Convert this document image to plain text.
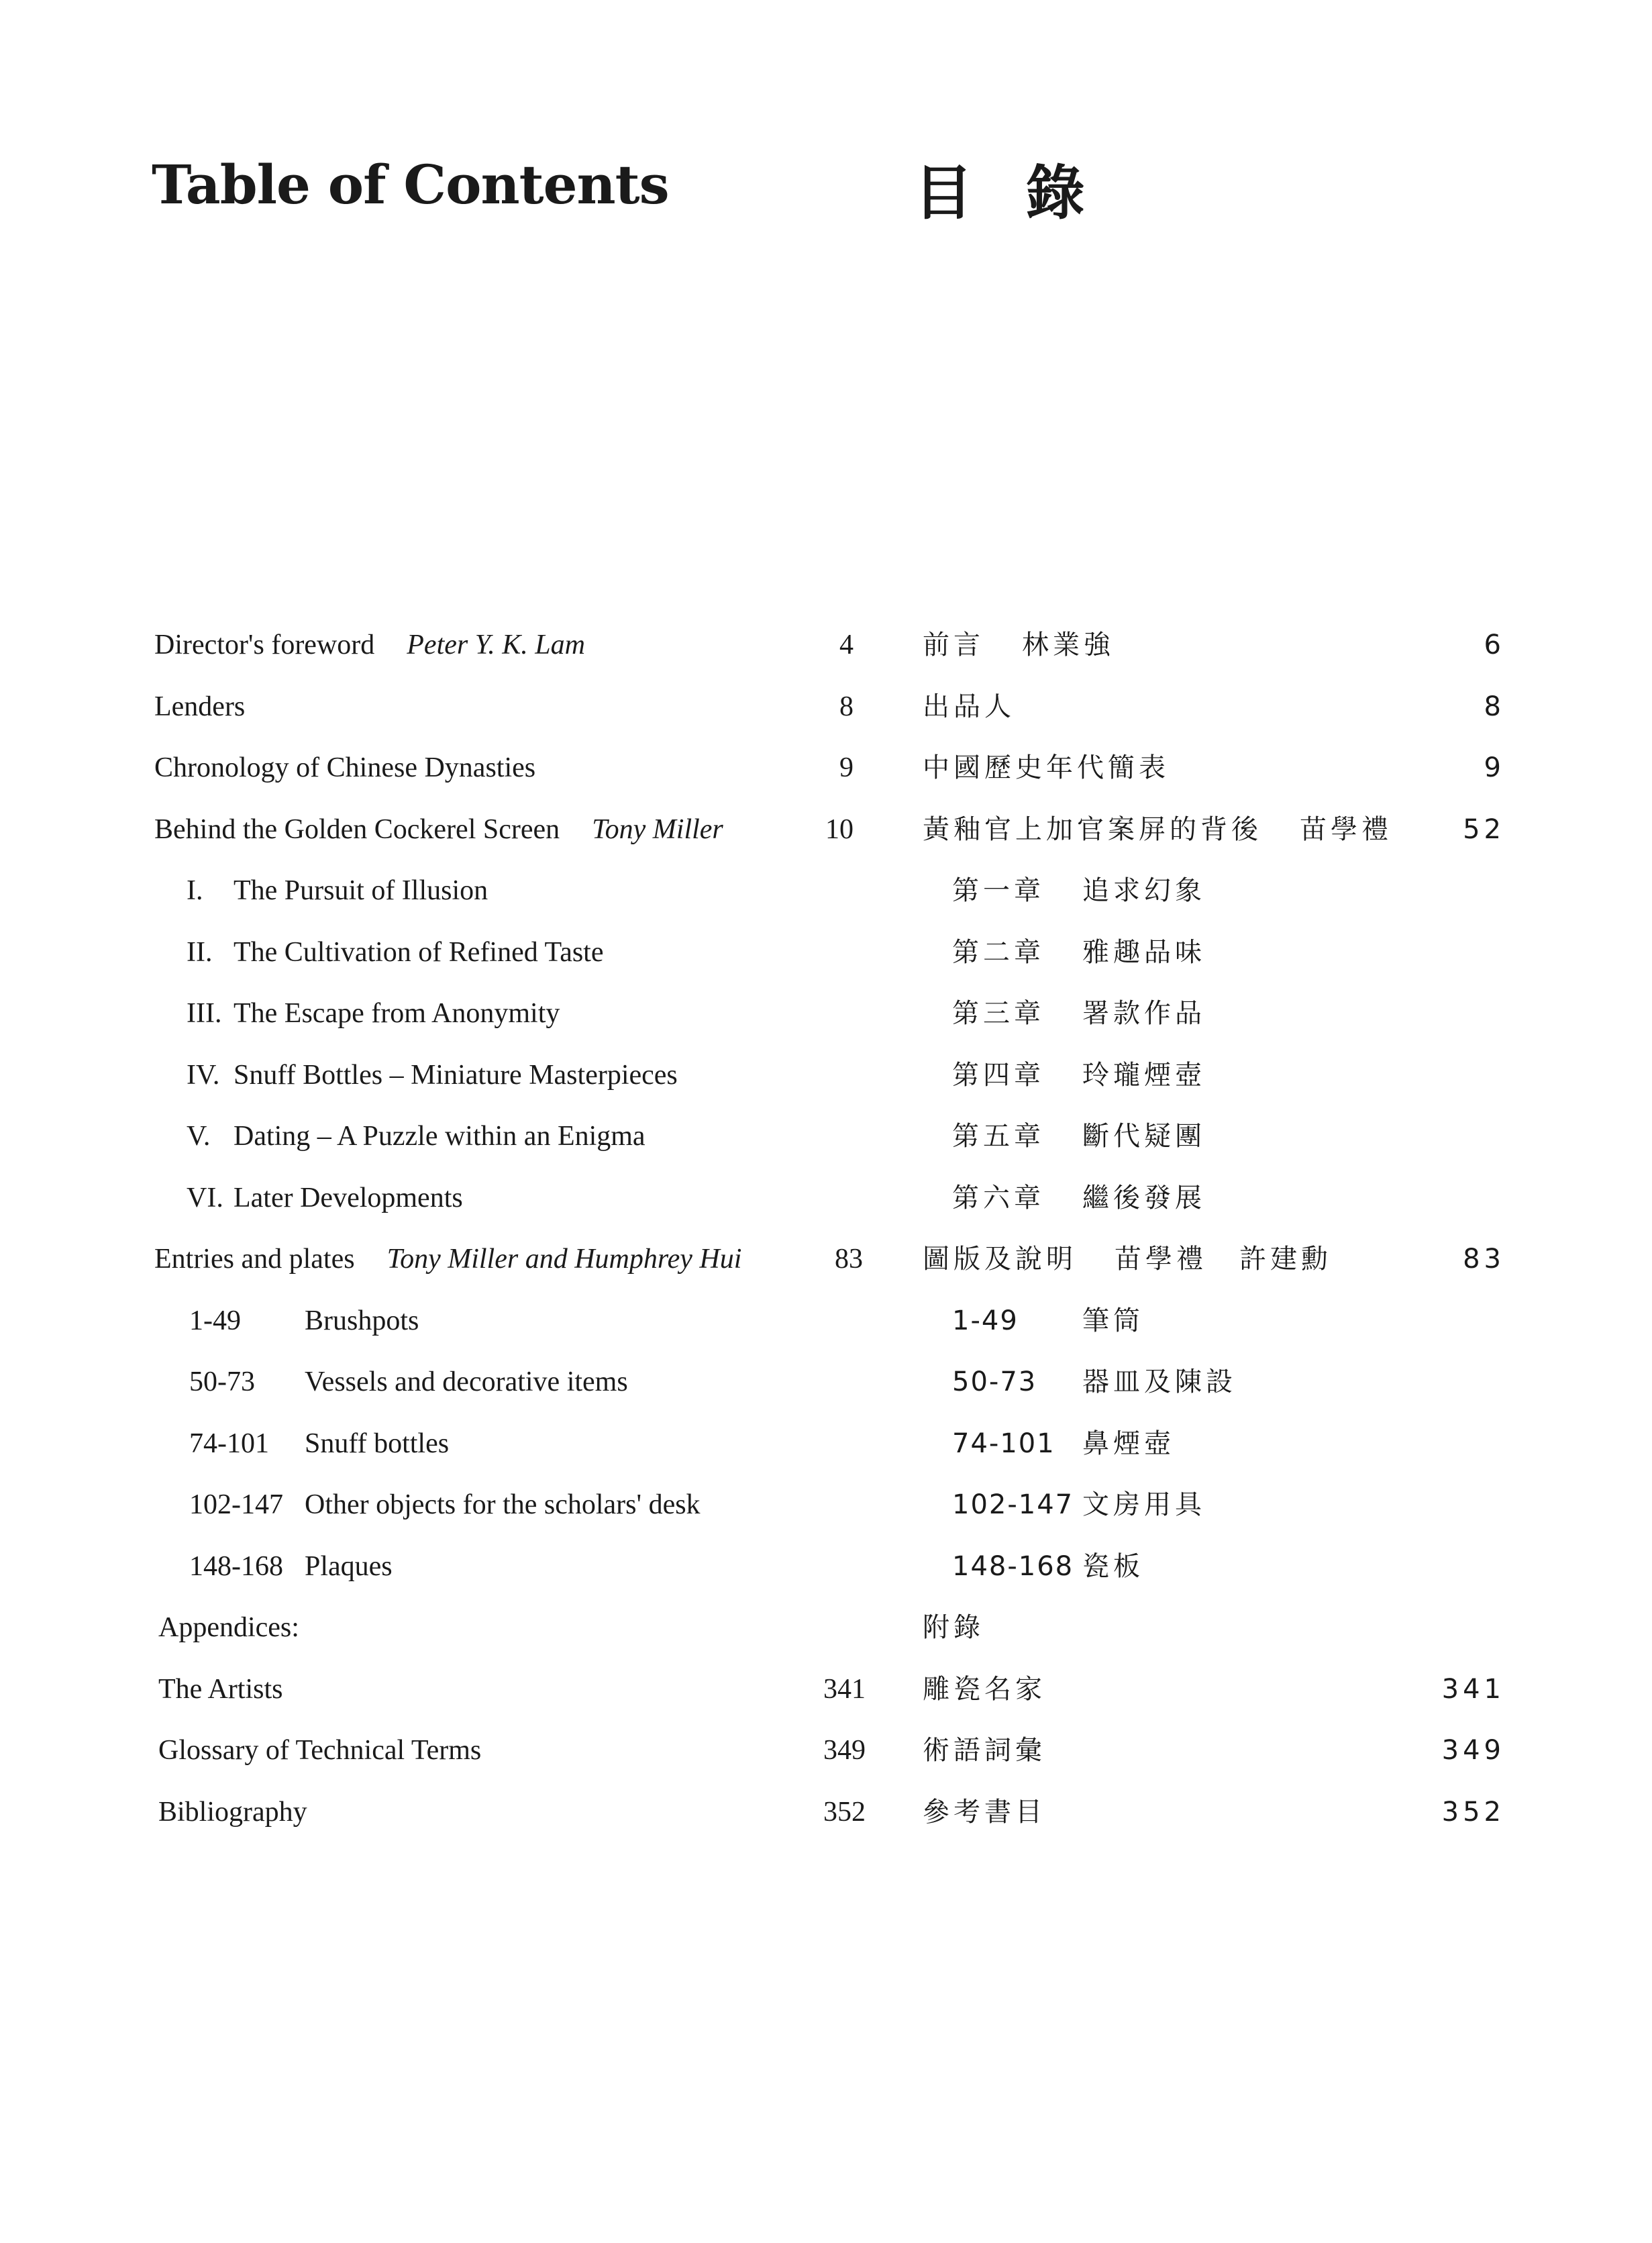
Table of Contents	目 錄
Director's foreword Peter Y. K. Lam	4
Lenders	8
Chronology of Chinese Dynasties	9
Behind the Golden Cockerel Screen Tony Miller	10
I. The Pursuit of Illusion
II. The Cultivation of Refined Taste
III. The Escape from Anonymity
IV. Snuff Bottles – Miniature Masterpieces
V. Dating – A Puzzle within an Enigma
VI. Later Developments
Entries and plates Tony Miller and Humphrey Hui	83
1-49 Brushpots
50-73 Vessels and decorative items
74-101 Snuff bottles
102-147 Other objects for the scholars' desk
148-168 Plaques
Appendices:
The Artists	341
Glossary of Technical Terms	349
Bibliography	352
前言 林業強	6
出品人	8
中國歷史年代簡表	9
黃釉官上加官案屏的背後 苗學禮	52
第一章 追求幻象
第二章 雅趣品味
第三章 署款作品
第四章 玲瓏煙壺
第五章 斷代疑團
第六章 繼後發展
圖版及說明 苗學禮 許建勳	83
1-49 筆筒
50-73 器皿及陳設
74-101 鼻煙壺
102-147 文房用具
148-168 瓷板
附錄
雕瓷名家	341
術語詞彙	349
參考書目	352
